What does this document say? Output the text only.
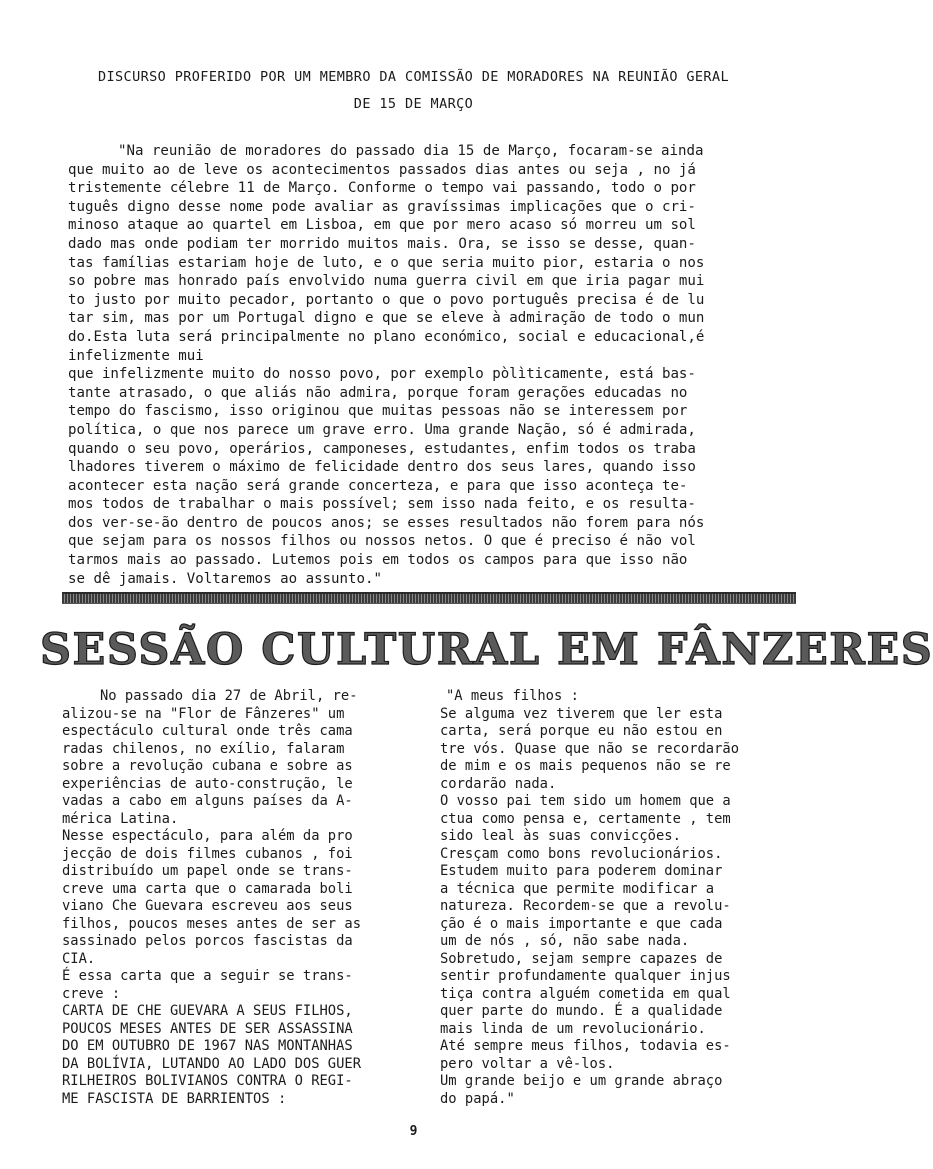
DISCURSO PROFERIDO POR UM MEMBRO DA COMISSÃO DE MORADORES NA REUNIÃO GERAL
DE 15 DE MARÇO
"Na reunião de moradores do passado dia 15 de Março, focaram-se ainda
que muito ao de leve os acontecimentos passados dias antes ou seja , no já
tristemente célebre 11 de Março. Conforme o tempo vai passando, todo o por
tuguês digno desse nome pode avaliar as gravíssimas implicações que o cri-
minoso ataque ao quartel em Lisboa, em que por mero acaso só morreu um sol
dado mas onde podiam ter morrido muitos mais. Ora, se isso se desse, quan-
tas famílias estariam hoje de luto, e o que seria muito pior, estaria o nos
so pobre mas honrado país envolvido numa guerra civil em que iria pagar mui
to justo por muito pecador, portanto o que o povo português precisa é de lu
tar sim, mas por um Portugal digno e que se eleve à admiração de todo o mun
do.Esta luta será principalmente no plano económico, social e educacional,é
infelizmente mui
que infelizmente muito do nosso povo, por exemplo pòlìticamente, está bas-
tante atrasado, o que aliás não admira, porque foram gerações educadas no
tempo do fascismo, isso originou que muitas pessoas não se interessem por
política, o que nos parece um grave erro. Uma grande Nação, só é admirada,
quando o seu povo, operários, camponeses, estudantes, enfim todos os traba
lhadores tiverem o máximo de felicidade dentro dos seus lares, quando isso
acontecer esta nação será grande concerteza, e para que isso aconteça te-
mos todos de trabalhar o mais possível; sem isso nada feito, e os resulta-
dos ver-se-ão dentro de poucos anos; se esses resultados não forem para nós
que sejam para os nossos filhos ou nossos netos. O que é preciso é não vol
tarmos mais ao passado. Lutemos pois em todos os campos para que isso não
se dê jamais. Voltaremos ao assunto."
SESSÃO CULTURAL EM FÂNZERES
No passado dia 27 de Abril, re-
alizou-se na "Flor de Fânzeres" um
espectáculo cultural onde três cama
radas chilenos, no exílio, falaram
sobre a revolução cubana e sobre as
experiências de auto-construção, le
vadas a cabo em alguns países da A-
mérica Latina.
Nesse espectáculo, para além da pro
jecção de dois filmes cubanos , foi
distribuído um papel onde se trans-
creve uma carta que o camarada boli
viano Che Guevara escreveu aos seus
filhos, poucos meses antes de ser as
sassinado pelos porcos fascistas da
CIA.
É essa carta que a seguir se trans-
creve :
CARTA DE CHE GUEVARA A SEUS FILHOS,
POUCOS MESES ANTES DE SER ASSASSINA
DO EM OUTUBRO DE 1967 NAS MONTANHAS
DA BOLÍVIA, LUTANDO AO LADO DOS GUER
RILHEIROS BOLIVIANOS CONTRA O REGI-
ME FASCISTA DE BARRIENTOS :
"A meus filhos :
Se alguma vez tiverem que ler esta
carta, será porque eu não estou en
tre vós. Quase que não se recordarão
de mim e os mais pequenos não se re
cordarão nada.
O vosso pai tem sido um homem que a
ctua como pensa e, certamente , tem
sido leal às suas convicções.
Cresçam como bons revolucionários.
Estudem muito para poderem dominar
a técnica que permite modificar a
natureza. Recordem-se que a revolu-
ção é o mais importante e que cada
um de nós , só, não sabe nada.
Sobretudo, sejam sempre capazes de
sentir profundamente qualquer injus
tiça contra alguém cometida em qual
quer parte do mundo. É a qualidade
mais linda de um revolucionário.
Até sempre meus filhos, todavia es-
pero voltar a vê-los.
Um grande beijo e um grande abraço
do papá."
9
